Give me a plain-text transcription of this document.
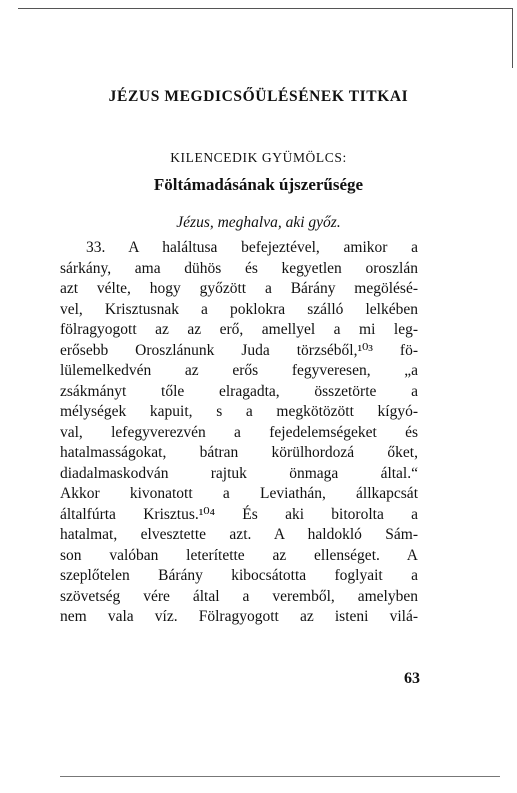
JÉZUS MEGDICSŐÜLÉSÉNEK TITKAI
KILENCEDIK GYÜMÖLCS:
Föltámadásának újszerűsége
Jézus, meghalva, aki győz.
33. A haláltusa befejeztével, amikor a
sárkány, ama dühös és kegyetlen oroszlán
azt vélte, hogy győzött a Bárány megölésé-
vel, Krisztusnak a poklokra szálló lelkében
fölragyogott az az erő, amellyel a mi leg-
erősebb Oroszlánunk Juda törzséből,¹⁰³ fö-
lülemelkedvén az erős fegyveresen, „a
zsákmányt tőle elragadta, összetörte a
mélységek kapuit, s a megkötözött kígyó-
val, lefegyverezvén a fejedelemségeket és
hatalmasságokat, bátran körülhordozá őket,
diadalmaskodván rajtuk önmaga által.“
Akkor kivonatott a Leviathán, állkapcsát
általfúrta Krisztus.¹⁰⁴ És aki bitorolta a
hatalmat, elvesztette azt. A haldokló Sám-
son valóban leterítette az ellenséget. A
szeplőtelen Bárány kibocsátotta foglyait a
szövetség vére által a veremből, amelyben
nem vala víz. Fölragyogott az isteni vilá-
63
